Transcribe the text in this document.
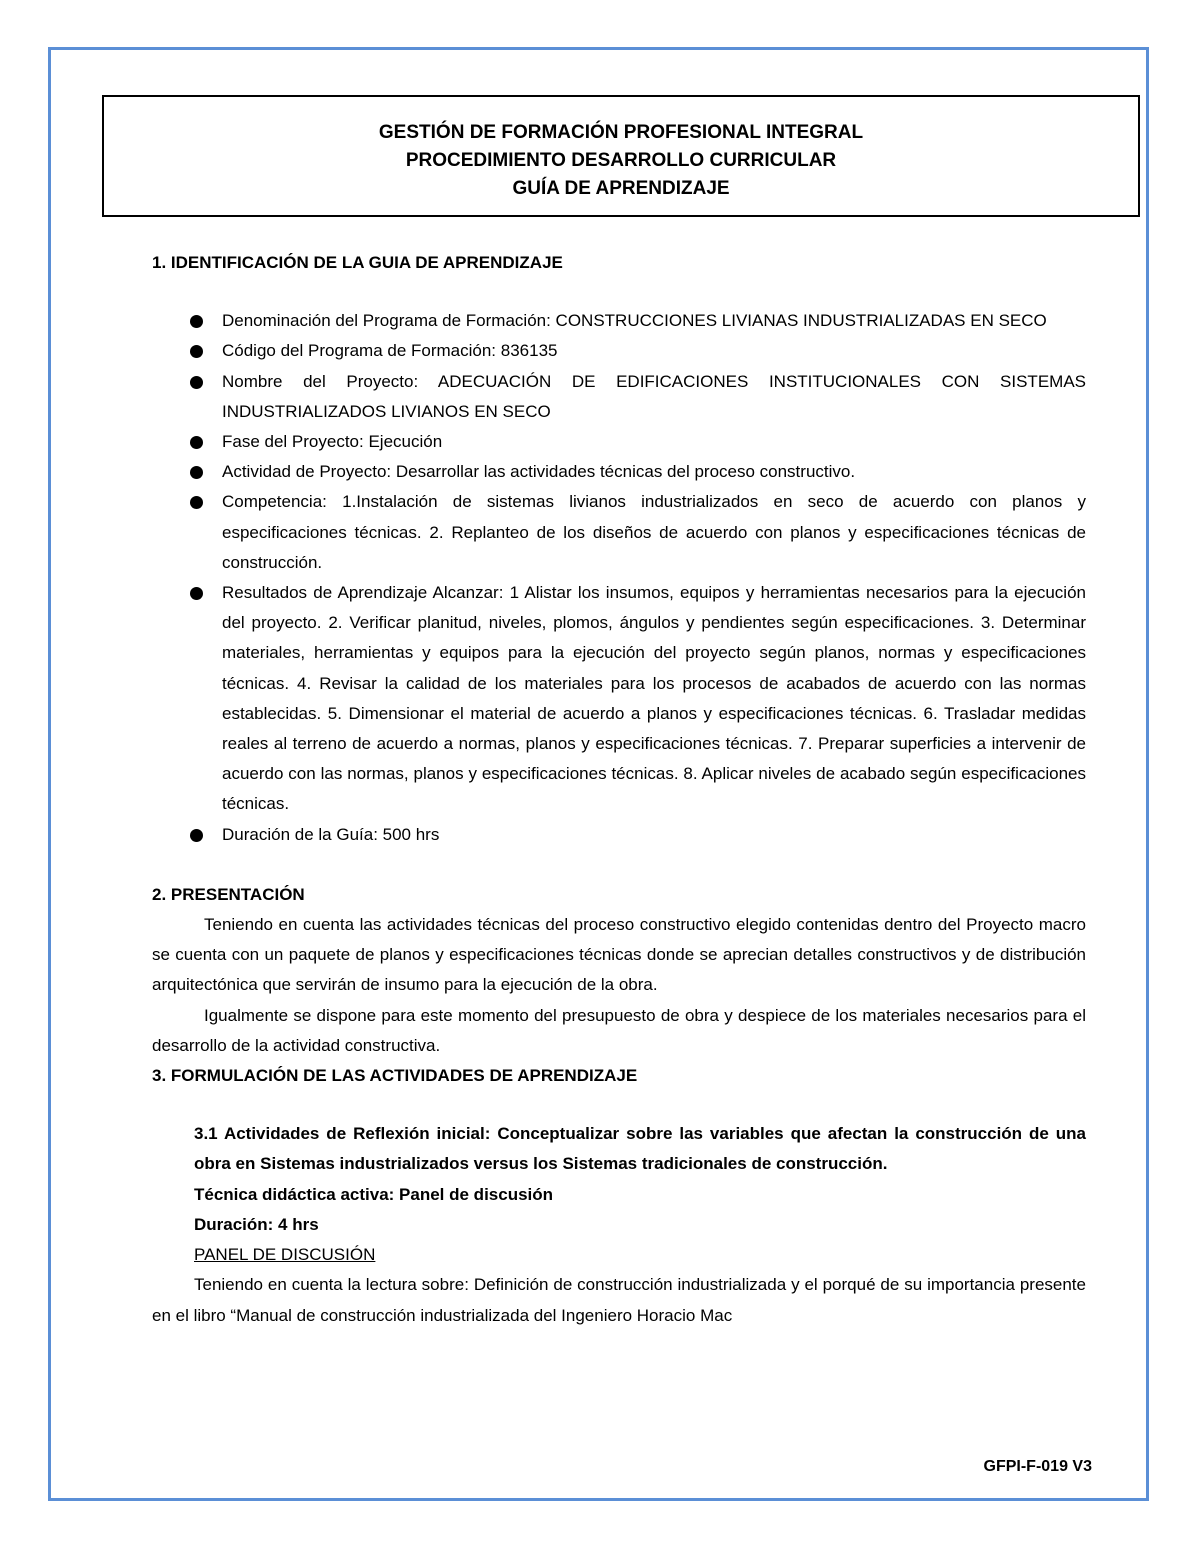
GESTIÓN DE FORMACIÓN PROFESIONAL INTEGRAL
PROCEDIMIENTO DESARROLLO CURRICULAR
GUÍA DE APRENDIZAJE

1. IDENTIFICACIÓN DE LA GUIA DE APRENDIZAJE

Denominación del Programa de Formación: CONSTRUCCIONES LIVIANAS INDUSTRIALIZADAS EN SECO
Código del Programa de Formación: 836135
Nombre del Proyecto: ADECUACIÓN DE EDIFICACIONES INSTITUCIONALES CON SISTEMAS INDUSTRIALIZADOS LIVIANOS EN SECO
Fase del Proyecto: Ejecución
Actividad de Proyecto: Desarrollar las actividades técnicas del proceso constructivo.
Competencia: 1.Instalación de sistemas livianos industrializados en seco de acuerdo con planos y especificaciones técnicas. 2. Replanteo de los diseños de acuerdo con planos y especificaciones técnicas de construcción.
Resultados de Aprendizaje Alcanzar: 1 Alistar los insumos, equipos y herramientas necesarios para la ejecución del proyecto. 2. Verificar planitud, niveles, plomos, ángulos y pendientes según especificaciones. 3. Determinar materiales, herramientas y equipos para la ejecución del proyecto según planos, normas y especificaciones técnicas. 4. Revisar la calidad de los materiales para los procesos de acabados de acuerdo con las normas establecidas. 5. Dimensionar el material de acuerdo a planos y especificaciones técnicas. 6. Trasladar medidas reales al terreno de acuerdo a normas, planos y especificaciones técnicas. 7. Preparar superficies a intervenir de acuerdo con las normas, planos y especificaciones técnicas. 8. Aplicar niveles de acabado según especificaciones técnicas.
Duración de la Guía: 500 hrs

2. PRESENTACIÓN

Teniendo en cuenta las actividades técnicas del proceso constructivo elegido contenidas dentro del Proyecto macro se cuenta con un paquete de planos y especificaciones técnicas donde se aprecian detalles constructivos y de distribución arquitectónica que servirán de insumo para la ejecución de la obra.

Igualmente se dispone para este momento del presupuesto de obra y despiece de los materiales necesarios para el desarrollo de la actividad constructiva.

3. FORMULACIÓN DE LAS ACTIVIDADES DE APRENDIZAJE

3.1 Actividades de Reflexión inicial: Conceptualizar sobre las variables que afectan la construcción de una obra en Sistemas industrializados versus los Sistemas tradicionales de construcción.

Técnica didáctica activa: Panel de discusión

Duración: 4 hrs

PANEL DE DISCUSIÓN

Teniendo en cuenta la lectura sobre: Definición de construcción industrializada y el porqué de su importancia presente en el libro “Manual de construcción industrializada del Ingeniero Horacio Mac

GFPI-F-019 V3
